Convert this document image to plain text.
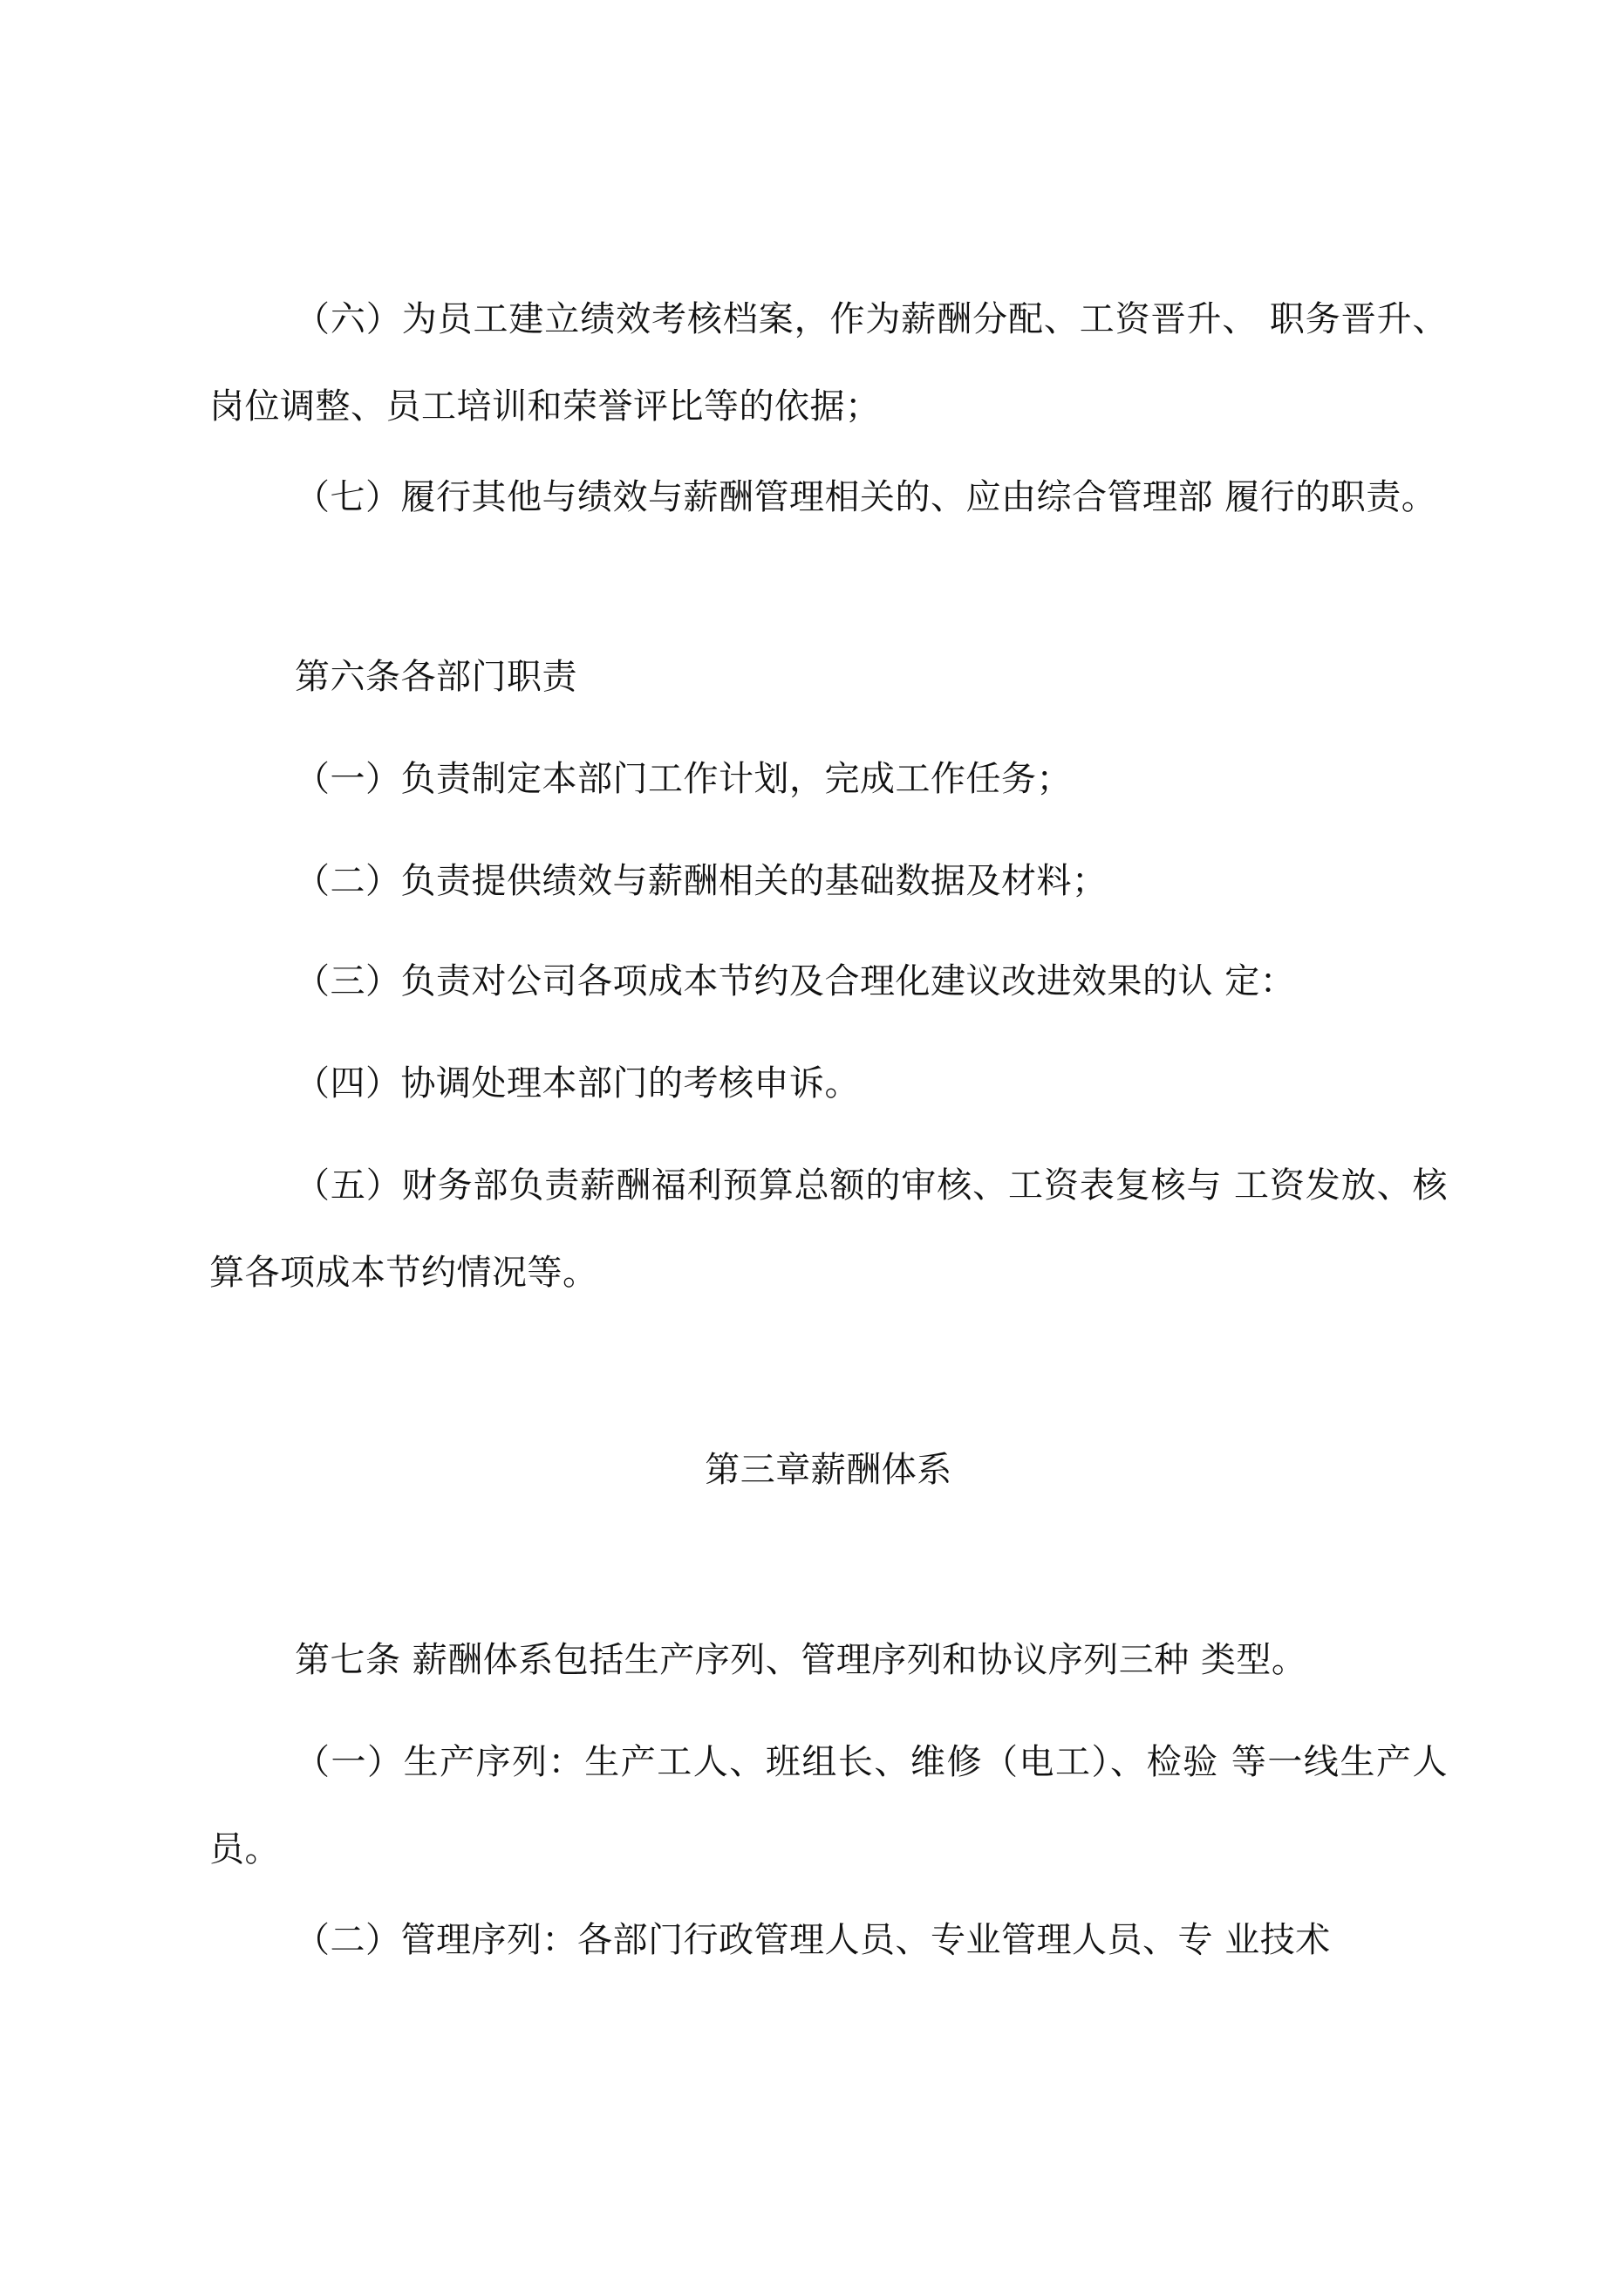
（六）为员工建立绩效考核档案，作为薪酬分配、工资晋升、 职务晋升、岗位调整、员工培训和荣誉评比等的依据；
（七）履行其他与绩效与薪酬管理相关的、应由综合管理部 履行的职责。
第六条各部门职责
（一）负责制定本部门工作计划，完成工作任务；
（二）负责提供绩效与薪酬相关的基础数据及材料；
（三）负责对公司各项成本节约及合理化建议改进效果的认 定：
（四）协调处理本部门的考核申诉。
（五）财务部负责薪酬福利预算总额的审核、工资表复核与 工资发放、核算各项成本节约情况等。
第三章薪酬体系
第七条 薪酬体系包括生产序列、管理序列和协议序列三种 类型。
（一）生产序列：生产工人、班组长、维修（电工）、检验 等一线生产人员。
（二）管理序列：各部门行政管理人员、专业管理人员、专 业技术
